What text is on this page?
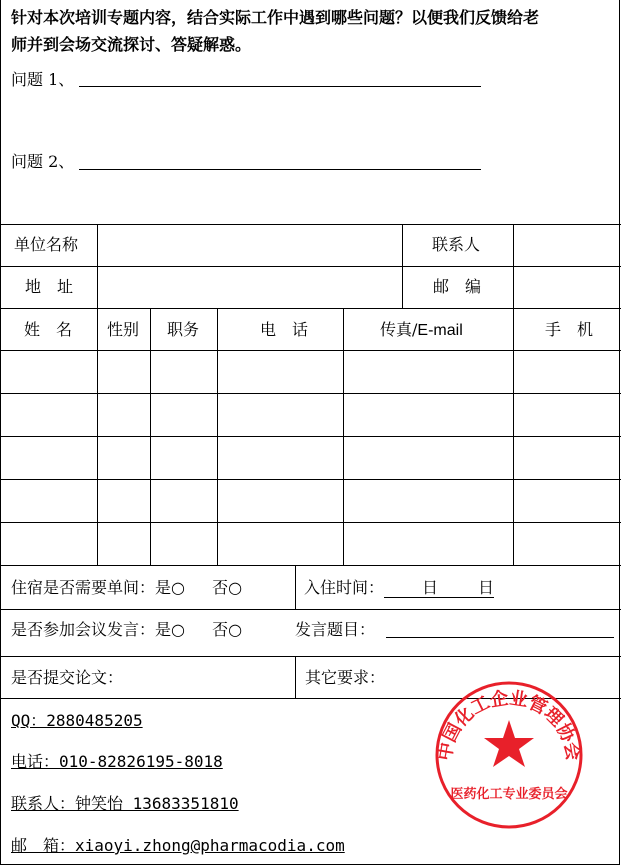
针对本次培训专题内容，结合实际工作中遇到哪些问题？以便我们反馈给老
师并到会场交流探讨、答疑解惑。
问题 1、
问题 2、
单位名称	联系人
地　址	邮　编
姓　名 性别 职务	电　话	传真/E-mail	手　机
住宿是否需要单间：是○ 否○	入住时间： 日 日
是否参加会议发言：是○ 否○	发言题目：
是否提交论文：	其它要求：
QQ：2880485205
电话：010-82826195-8018
联系人：钟笑怡 13683351810
邮　箱：xiaoyi.zhong@pharmacodia.com
中国化工企业管理协会
医药化工专业委员会
